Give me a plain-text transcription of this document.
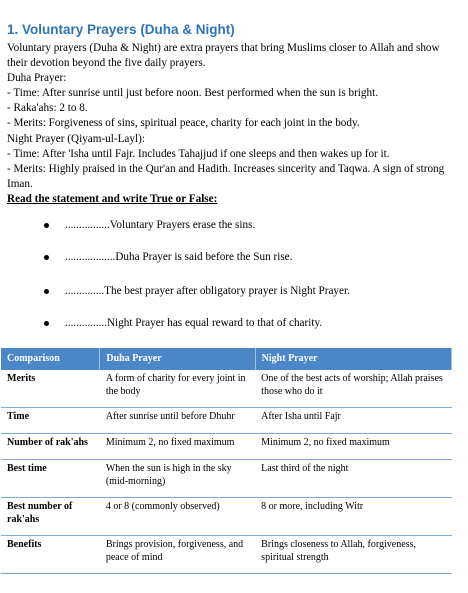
1. Voluntary Prayers (Duha & Night)
Voluntary prayers (Duha & Night) are extra prayers that bring Muslims closer to Allah and show their devotion beyond the five daily prayers.
Duha Prayer:
- Time: After sunrise until just before noon. Best performed when the sun is bright.
- Raka'ahs: 2 to 8.
- Merits: Forgiveness of sins, spiritual peace, charity for each joint in the body.
Night Prayer (Qiyam-ul-Layl):
- Time: After 'Isha until Fajr. Includes Tahajjud if one sleeps and then wakes up for it.
- Merits: Highly praised in the Qur'an and Hadith. Increases sincerity and Taqwa. A sign of strong Iman.
Read the statement and write True or False:
................ Voluntary Prayers erase the sins.
.................. Duha Prayer is said before the Sun rise.
.............. The best prayer after obligatory prayer is Night Prayer.
............... Night Prayer has equal reward to that of charity.
Comparison	Duha Prayer	Night Prayer
Merits	A form of charity for every joint in the body	One of the best acts of worship; Allah praises those who do it
Time	After sunrise until before Dhuhr	After Isha until Fajr
Number of rak'ahs	Minimum 2, no fixed maximum	Minimum 2, no fixed maximum
Best time	When the sun is high in the sky (mid-morning)	Last third of the night
Best number of rak'ahs	4 or 8 (commonly observed)	8 or more, including Witr
Benefits	Brings provision, forgiveness, and peace of mind	Brings closeness to Allah, forgiveness, spiritual strength
